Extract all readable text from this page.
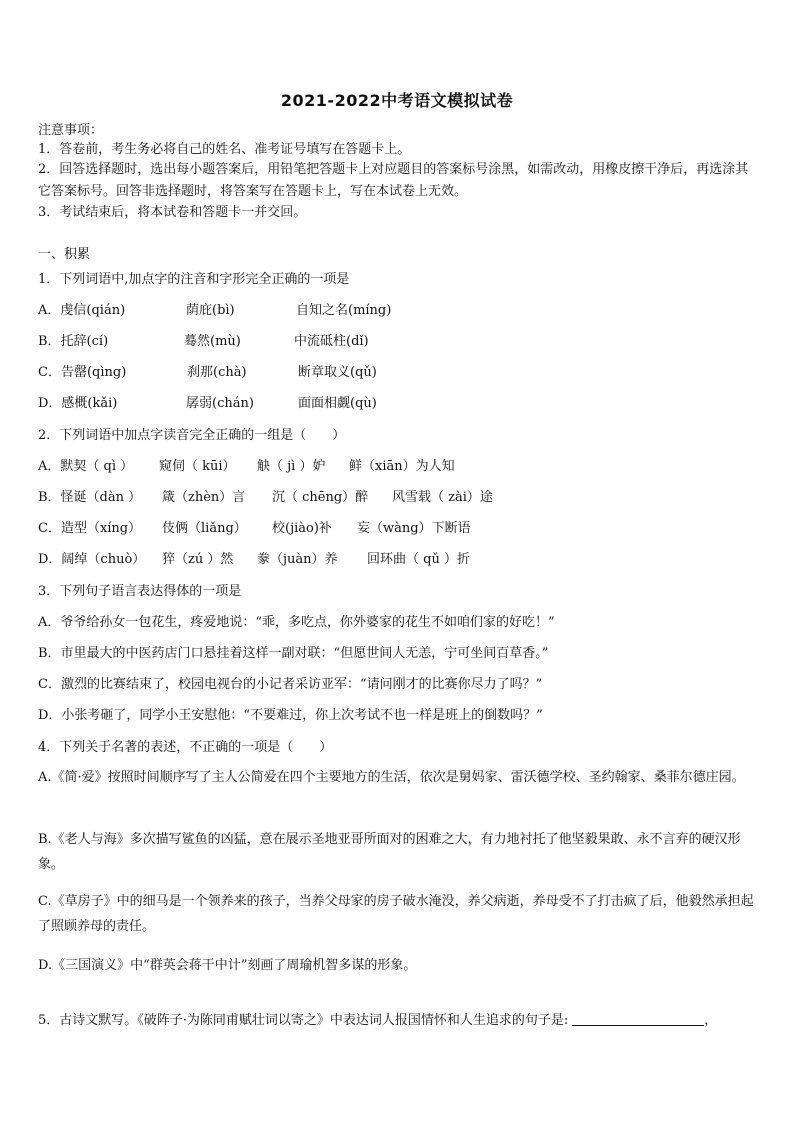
2021-2022中考语文模拟试卷
注意事项：
1．答卷前，考生务必将自己的姓名、准考证号填写在答题卡上。
2．回答选择题时，选出每小题答案后，用铅笔把答题卡上对应题目的答案标号涂黑，如需改动，用橡皮擦干净后，再选涂其它答案标号。回答非选择题时，将答案写在答题卡上，写在本试卷上无效。
3．考试结束后，将本试卷和答题卡一并交回。
一、积累
1．下列词语中,加点字的注音和字形完全正确的一项是
A．虔信(qián)	荫庇(bì)	自知之名(míng)
B．托辞(cí)	蓦然(mù)	中流砥柱(dǐ)
C．告罄(qìng)	刹那(chà)	断章取义(qǔ)
D．感概(kǎi)	孱弱(chán)	面面相觑(qù)
2．下列词语中加点字读音完全正确的一组是（　　）
A．默契（ qì ） 窥伺（ kūi） 觖（ jì ）妒 鲜（xiān）为人知
B．怪诞（dàn ） 箴（zhèn）言 沉（ chēng）醉 风雪载（ zài）途
C．造型（xíng） 伎俩（liǎng） 校(jiào)补 妄（wàng）下断语
D．阔绰（chuò） 猝（zú ）然 豢（juàn）养 回环曲（ qǔ ）折
3．下列句子语言表达得体的一项是
A．爷爷给孙女一包花生，疼爱地说：“乖，多吃点，你外婆家的花生不如咱们家的好吃！”
B．市里最大的中医药店门口悬挂着这样一副对联：“但愿世间人无恙，宁可坐间百草香。”
C．激烈的比赛结束了，校园电视台的小记者采访亚军：“请问刚才的比赛你尽力了吗？”
D．小张考砸了，同学小王安慰他：“不要难过，你上次考试不也一样是班上的倒数吗？”
4．下列关于名著的表述，不正确的一项是（　　）
A.《简·爱》按照时间顺序写了主人公简爱在四个主要地方的生活，依次是舅妈家、雷沃德学校、圣约翰家、桑菲尔德庄园。
B.《老人与海》多次描写鲨鱼的凶猛，意在展示圣地亚哥所面对的困难之大，有力地衬托了他坚毅果敢、永不言弃的硬汉形象。
C.《草房子》中的细马是一个领养来的孩子，当养父母家的房子破水淹没，养父病逝，养母受不了打击疯了后，他毅然承担起了照顾养母的责任。
D.《三国演义》中“群英会蒋干中计”刻画了周瑜机智多谋的形象。
5．古诗文默写。《破阵子·为陈同甫赋壮词以寄之》中表达词人报国情怀和人生追求的句子是:	，
